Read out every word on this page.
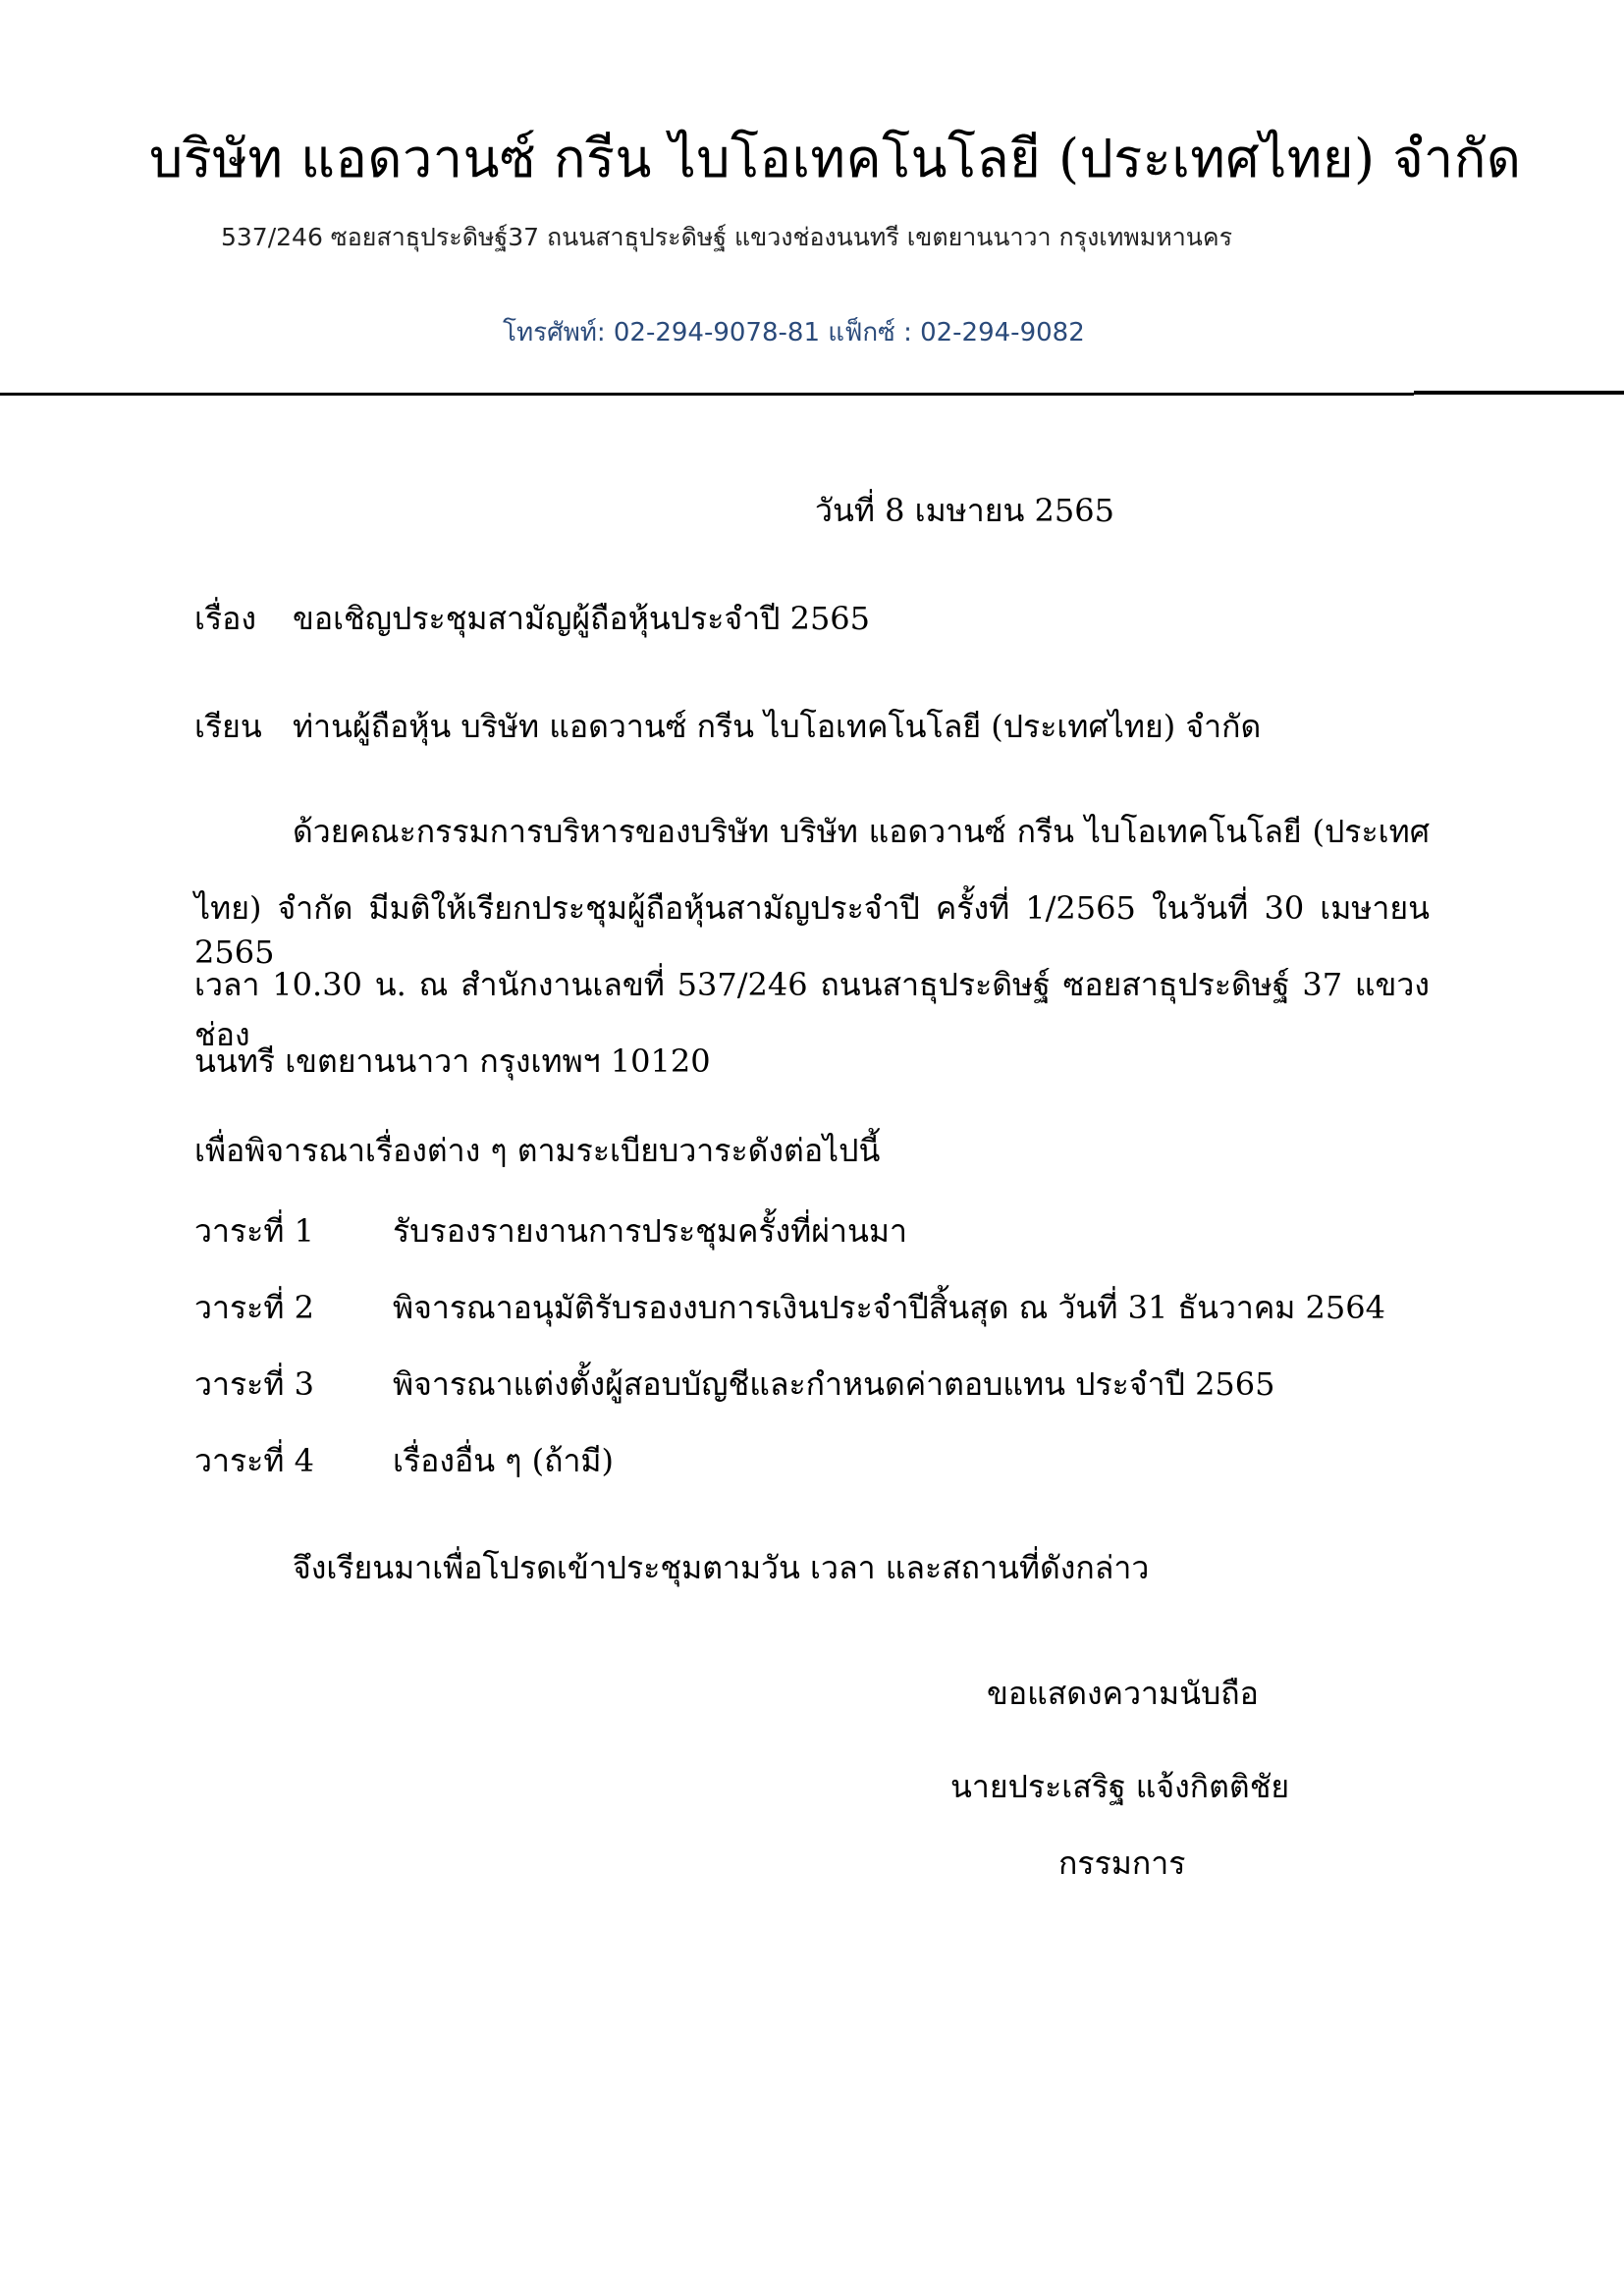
บริษัท แอดวานซ์ กรีน ไบโอเทคโนโลยี (ประเทศไทย) จำกัด
537/246 ซอยสาธุประดิษฐ์37 ถนนสาธุประดิษฐ์ แขวงช่องนนทรี เขตยานนาวา กรุงเทพมหานคร
โทรศัพท์: 02-294-9078-81 แฟ็กซ์ : 02-294-9082
วันที่ 8 เมษายน 2565
เรื่อง ขอเชิญประชุมสามัญผู้ถือหุ้นประจำปี 2565
เรียน ท่านผู้ถือหุ้น บริษัท แอดวานซ์ กรีน ไบโอเทคโนโลยี (ประเทศไทย) จำกัด
ด้วยคณะกรรมการบริหารของบริษัท บริษัท แอดวานซ์ กรีน ไบโอเทคโนโลยี (ประเทศ
ไทย) จำกัด มีมติให้เรียกประชุมผู้ถือหุ้นสามัญประจำปี ครั้งที่ 1/2565 ในวันที่ 30 เมษายน 2565
เวลา 10.30 น. ณ สำนักงานเลขที่ 537/246 ถนนสาธุประดิษฐ์ ซอยสาธุประดิษฐ์ 37 แขวงช่อง
นนทรี เขตยานนาวา กรุงเทพฯ 10120
เพื่อพิจารณาเรื่องต่าง ๆ ตามระเบียบวาระดังต่อไปนี้
วาระที่ 1	รับรองรายงานการประชุมครั้งที่ผ่านมา
วาระที่ 2	พิจารณาอนุมัติรับรองงบการเงินประจำปีสิ้นสุด ณ วันที่ 31 ธันวาคม 2564
วาระที่ 3	พิจารณาแต่งตั้งผู้สอบบัญชีและกำหนดค่าตอบแทน ประจำปี 2565
วาระที่ 4	เรื่องอื่น ๆ (ถ้ามี)
จึงเรียนมาเพื่อโปรดเข้าประชุมตามวัน เวลา และสถานที่ดังกล่าว
ขอแสดงความนับถือ
นายประเสริฐ แจ้งกิตติชัย
กรรมการ
